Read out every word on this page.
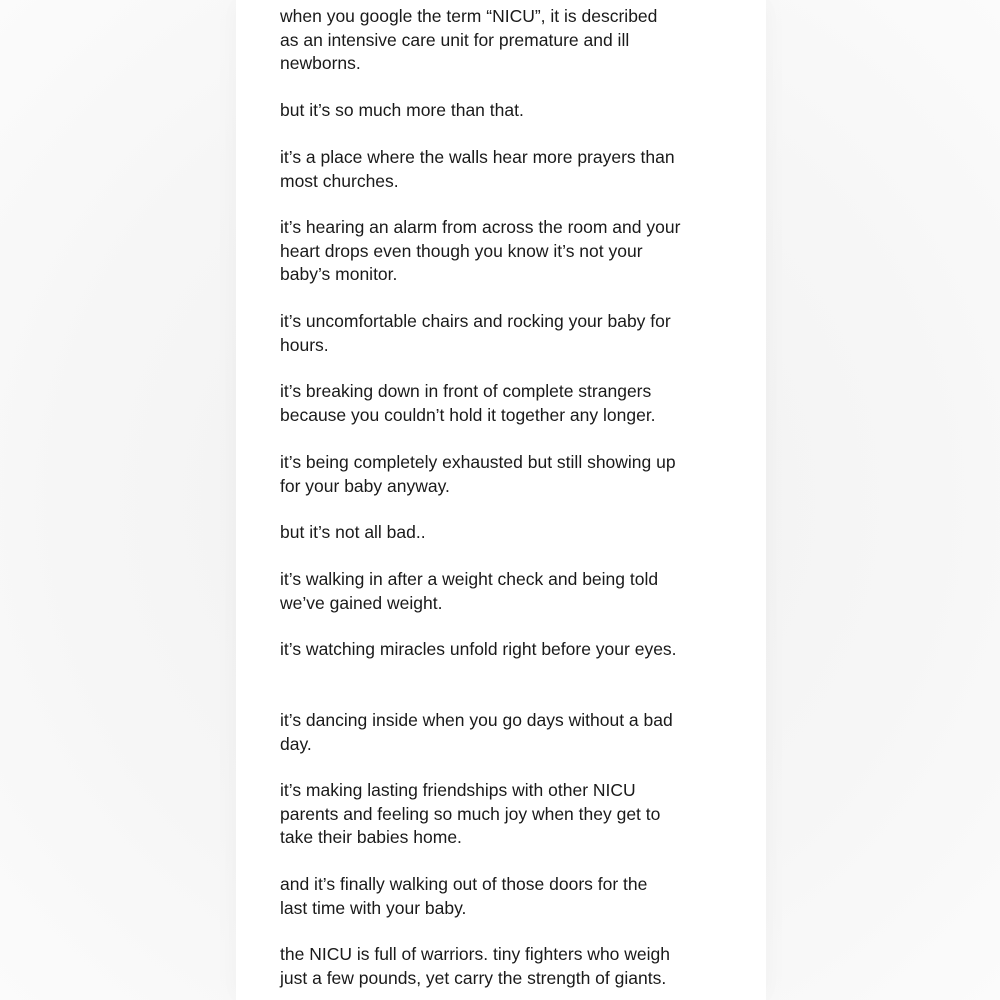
when you google the term “NICU”, it is described
as an intensive care unit for premature and ill
newborns.

but it’s so much more than that.

it’s a place where the walls hear more prayers than
most churches.

it’s hearing an alarm from across the room and your
heart drops even though you know it’s not your
baby’s monitor.

it’s uncomfortable chairs and rocking your baby for
hours.

it’s breaking down in front of complete strangers
because you couldn’t hold it together any longer.

it’s being completely exhausted but still showing up
for your baby anyway.

but it’s not all bad..

it’s walking in after a weight check and being told
we’ve gained weight.

it’s watching miracles unfold right before your eyes.

it’s dancing inside when you go days without a bad
day.

it’s making lasting friendships with other NICU
parents and feeling so much joy when they get to
take their babies home.

and it’s finally walking out of those doors for the
last time with your baby.

the NICU is full of warriors. tiny fighters who weigh
just a few pounds, yet carry the strength of giants.
